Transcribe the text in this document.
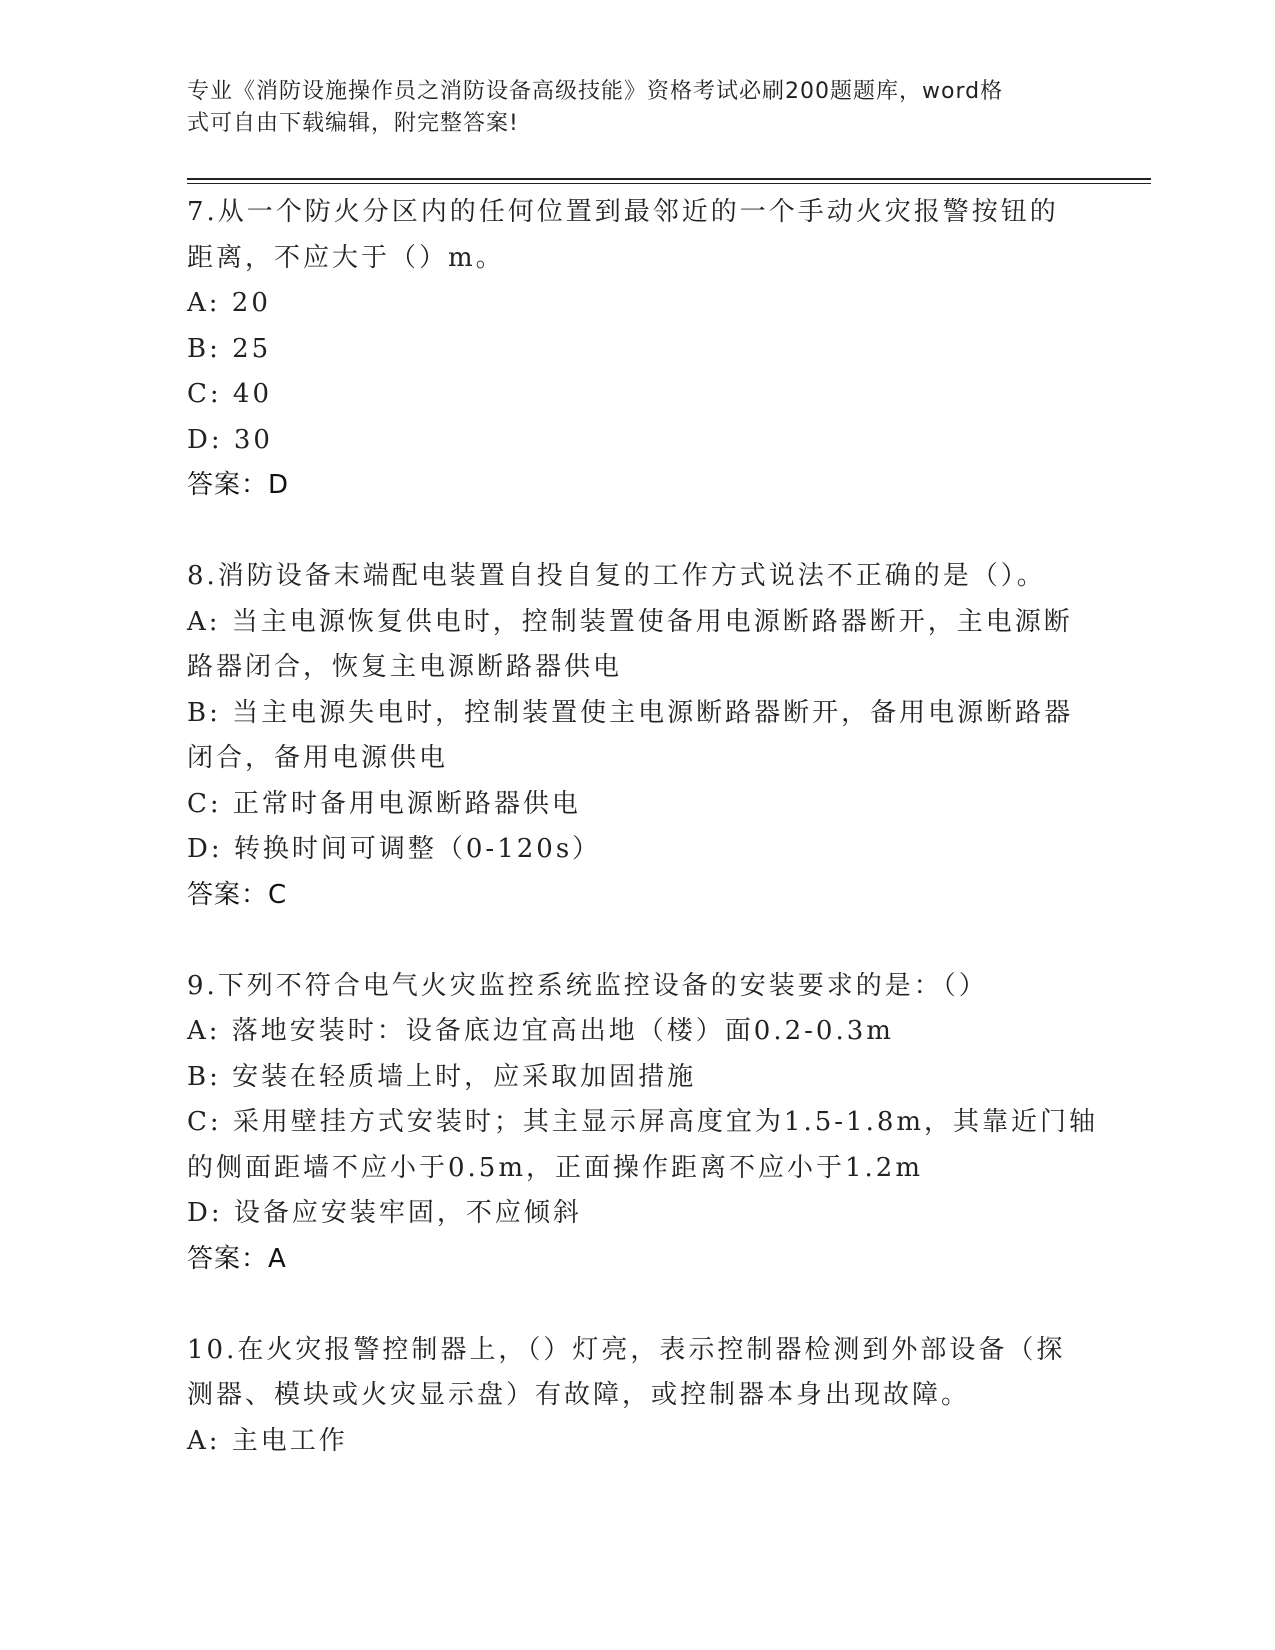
专业《消防设施操作员之消防设备高级技能》资格考试必刷200题题库，word格
式可自由下载编辑，附完整答案!
7.从一个防火分区内的任何位置到最邻近的一个手动火灾报警按钮的
距离，不应大于（）m。
A: 20
B: 25
C: 40
D: 30
答案：D
8.消防设备末端配电装置自投自复的工作方式说法不正确的是（）。
A: 当主电源恢复供电时，控制装置使备用电源断路器断开，主电源断
路器闭合，恢复主电源断路器供电
B: 当主电源失电时，控制装置使主电源断路器断开，备用电源断路器
闭合，备用电源供电
C: 正常时备用电源断路器供电
D: 转换时间可调整（0-120s）
答案：C
9.下列不符合电气火灾监控系统监控设备的安装要求的是：（）
A: 落地安装时：设备底边宜高出地（楼）面0.2-0.3m
B: 安装在轻质墙上时，应采取加固措施
C: 采用壁挂方式安装时；其主显示屏高度宜为1.5-1.8m，其靠近门轴
的侧面距墙不应小于0.5m，正面操作距离不应小于1.2m
D: 设备应安装牢固，不应倾斜
答案：A
10.在火灾报警控制器上，（）灯亮，表示控制器检测到外部设备（探
测器、模块或火灾显示盘）有故障，或控制器本身出现故障。
A: 主电工作
